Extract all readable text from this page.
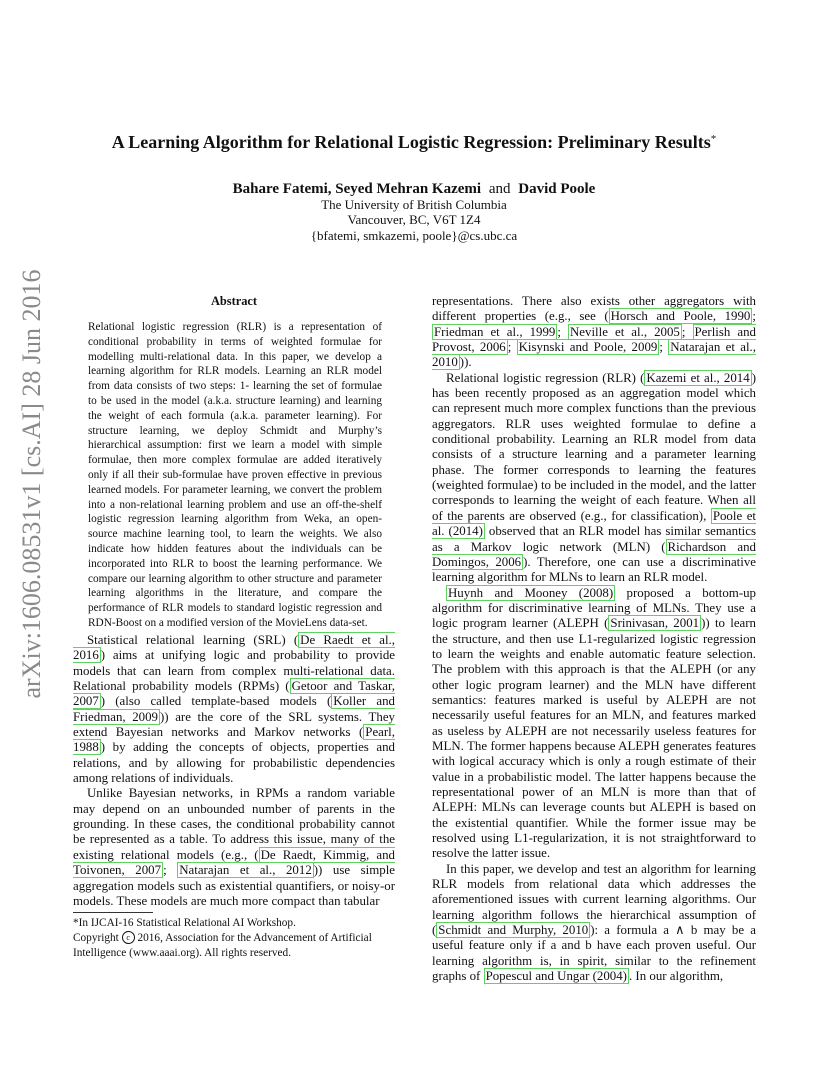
arXiv:1606.08531v1 [cs.AI] 28 Jun 2016
A Learning Algorithm for Relational Logistic Regression: Preliminary Results*
Bahare Fatemi, Seyed Mehran Kazemi and David Poole
The University of British Columbia
Vancouver, BC, V6T 1Z4
{bfatemi, smkazemi, poole}@cs.ubc.ca
Abstract
Relational logistic regression (RLR) is a representation of conditional probability in terms of weighted formulae for modelling multi-relational data. In this paper, we develop a learning algorithm for RLR models. Learning an RLR model from data consists of two steps: 1- learning the set of formulae to be used in the model (a.k.a. structure learning) and learning the weight of each formula (a.k.a. parameter learning). For structure learning, we deploy Schmidt and Murphy’s hierarchical assumption: first we learn a model with simple formulae, then more complex formulae are added iteratively only if all their sub-formulae have proven effective in previous learned models. For parameter learning, we convert the problem into a non-relational learning problem and use an off-the-shelf logistic regression learning algorithm from Weka, an open-source machine learning tool, to learn the weights. We also indicate how hidden features about the individuals can be incorporated into RLR to boost the learning performance. We compare our learning algorithm to other structure and parameter learning algorithms in the literature, and compare the performance of RLR models to standard logistic regression and RDN-Boost on a modified version of the MovieLens data-set.

Statistical relational learning (SRL) ( De Raedt et al., 2016 ) aims at unifying logic and probability to provide models that can learn from complex multi-relational data. Relational probability models (RPMs) ( Getoor and Taskar, 2007 ) (also called template-based models ( Koller and Friedman, 2009 )) are the core of the SRL systems. They extend Bayesian networks and Markov networks ( Pearl, 1988 ) by adding the concepts of objects, properties and relations, and by allowing for probabilistic dependencies among relations of individuals.

Unlike Bayesian networks, in RPMs a random variable may depend on an unbounded number of parents in the grounding. In these cases, the conditional probability cannot be represented as a table. To address this issue, many of the existing relational models (e.g., ( De Raedt, Kimmig, and Toivonen, 2007 ; Natarajan et al., 2012 )) use simple aggregation models such as existential quantifiers, or noisy-or models. These models are much more compact than tabular

*In IJCAI-16 Statistical Relational AI Workshop.

Copyright c 2016, Association for the Advancement of Artificial Intelligence (www.aaai.org). All rights reserved.

representations. There also exists other aggregators with different properties (e.g., see ( Horsch and Poole, 1990 ; Friedman et al., 1999 ; Neville et al., 2005 ; Perlish and Provost, 2006 ; Kisynski and Poole, 2009 ; Natarajan et al., 2010 )).

Relational logistic regression (RLR) ( Kazemi et al., 2014 ) has been recently proposed as an aggregation model which can represent much more complex functions than the previous aggregators. RLR uses weighted formulae to define a conditional probability. Learning an RLR model from data consists of a structure learning and a parameter learning phase. The former corresponds to learning the features (weighted formulae) to be included in the model, and the latter corresponds to learning the weight of each feature. When all of the parents are observed (e.g., for classification), Poole et al. (2014) observed that an RLR model has similar semantics as a Markov logic network (MLN) ( Richardson and Domingos, 2006 ). Therefore, one can use a discriminative learning algorithm for MLNs to learn an RLR model.

Huynh and Mooney (2008) proposed a bottom-up algorithm for discriminative learning of MLNs. They use a logic program learner (ALEPH ( Srinivasan, 2001 )) to learn the structure, and then use L1-regularized logistic regression to learn the weights and enable automatic feature selection. The problem with this approach is that the ALEPH (or any other logic program learner) and the MLN have different semantics: features marked is useful by ALEPH are not necessarily useful features for an MLN, and features marked as useless by ALEPH are not necessarily useless features for MLN. The former happens because ALEPH generates features with logical accuracy which is only a rough estimate of their value in a probabilistic model. The latter happens because the representational power of an MLN is more than that of ALEPH: MLNs can leverage counts but ALEPH is based on the existential quantifier. While the former issue may be resolved using L1-regularization, it is not straightforward to resolve the latter issue.

In this paper, we develop and test an algorithm for learning RLR models from relational data which addresses the aforementioned issues with current learning algorithms. Our learning algorithm follows the hierarchical assumption of ( Schmidt and Murphy, 2010 ): a formula a ∧ b may be a useful feature only if a and b have each proven useful. Our learning algorithm is, in spirit, similar to the refinement graphs of Popescul and Ungar (2004) . In our algorithm,
